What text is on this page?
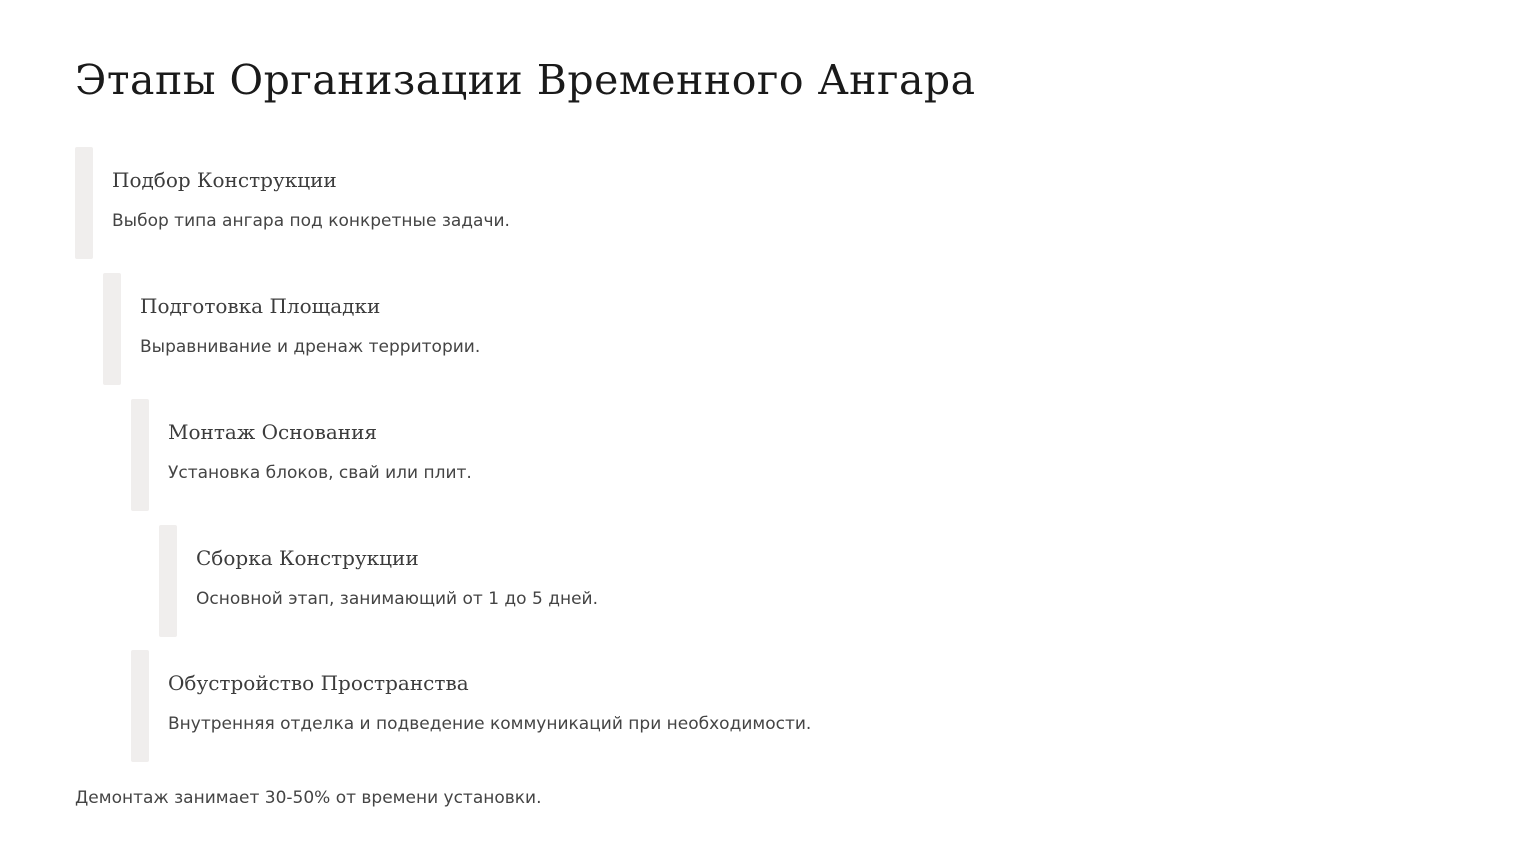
Этапы Организации Временного Ангара
Подбор Конструкции

Выбор типа ангара под конкретные задачи.

Подготовка Площадки

Выравнивание и дренаж территории.

Монтаж Основания

Установка блоков, свай или плит.

Сборка Конструкции

Основной этап, занимающий от 1 до 5 дней.

Обустройство Пространства

Внутренняя отделка и подведение коммуникаций при необходимости.

Демонтаж занимает 30-50% от времени установки.
